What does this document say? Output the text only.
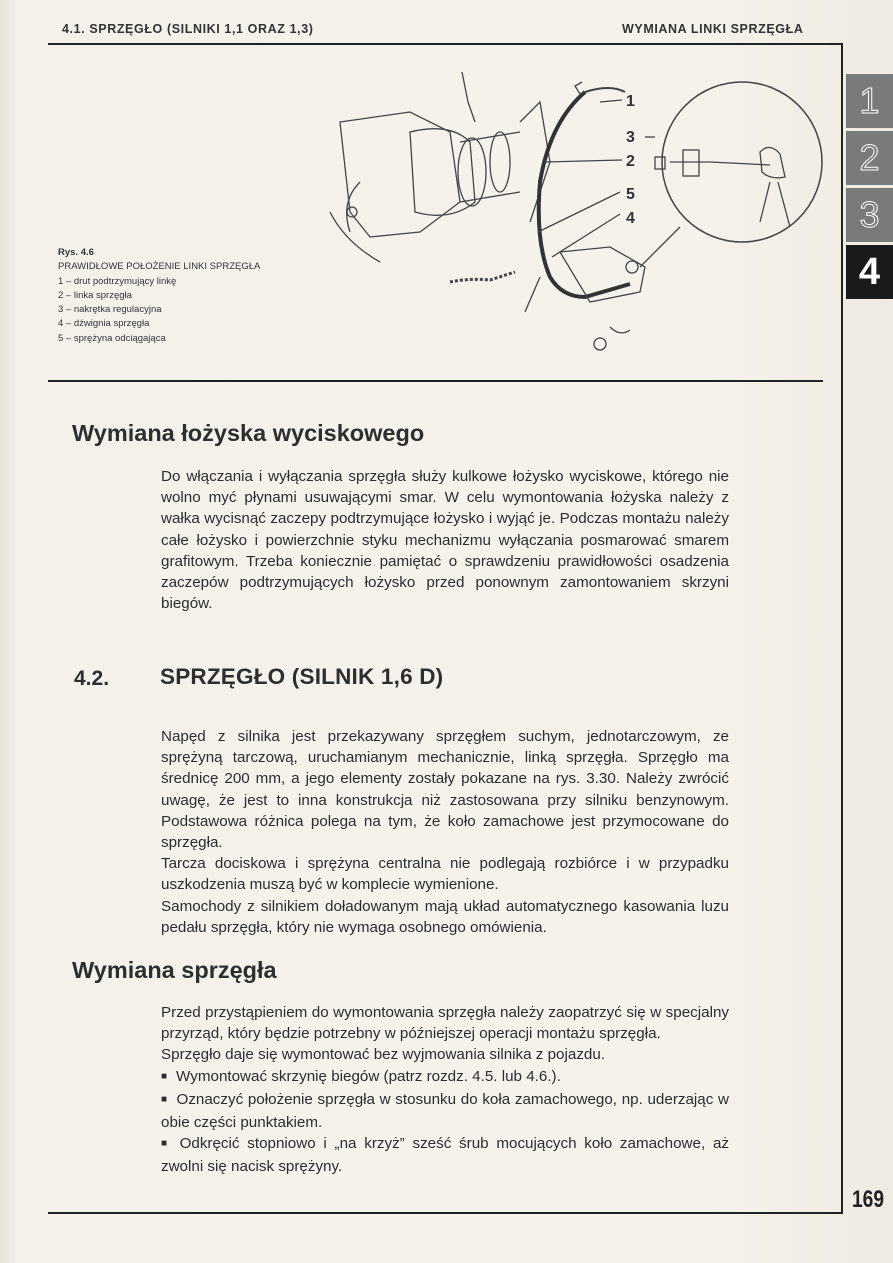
4.1. SPRZĘGŁO (SILNIKI 1,1 ORAZ 1,3)	WYMIANA LINKI SPRZĘGŁA
1
2
3
4
1
3
2
5
4
Rys. 4.6
PRAWIDŁOWE POŁOŻENIE LINKI SPRZĘGŁA
1 – drut podtrzymujący linkę
2 – linka sprzęgła
3 – nakrętka regulacyjna
4 – dźwignia sprzęgła
5 – sprężyna odciągająca
Wymiana łożyska wyciskowego

Do włączania i wyłączania sprzęgła służy kulkowe łożysko wyciskowe, którego nie wolno myć płynami usuwającymi smar. W celu wymontowania łożyska należy z wałka wycisnąć zaczepy podtrzymujące łożysko i wyjąć je. Podczas montażu należy całe łożysko i powierzchnie styku mechanizmu wyłączania posmarować smarem grafitowym. Trzeba koniecznie pamiętać o sprawdzeniu prawidłowości osadzenia zaczepów podtrzymujących łożysko przed ponownym zamontowaniem skrzyni biegów.

4.2. SPRZĘGŁO (SILNIK 1,6 D)

Napęd z silnika jest przekazywany sprzęgłem suchym, jednotarczowym, ze sprężyną tarczową, uruchamianym mechanicznie, linką sprzęgła. Sprzęgło ma średnicę 200 mm, a jego elementy zostały pokazane na rys. 3.30. Należy zwrócić uwagę, że jest to inna konstrukcja niż zastosowana przy silniku benzynowym. Podstawowa różnica polega na tym, że koło zamachowe jest przymocowane do sprzęgła.

Tarcza dociskowa i sprężyna centralna nie podlegają rozbiórce i w przypadku uszkodzenia muszą być w komplecie wymienione.

Samochody z silnikiem doładowanym mają układ automatycznego kasowania luzu pedału sprzęgła, który nie wymaga osobnego omówienia.

Wymiana sprzęgła

Przed przystąpieniem do wymontowania sprzęgła należy zaopatrzyć się w specjalny przyrząd, który będzie potrzebny w późniejszej operacji montażu sprzęgła.

Sprzęgło daje się wymontować bez wyjmowania silnika z pojazdu.

■ Wymontować skrzynię biegów (patrz rozdz. 4.5. lub 4.6.).

■ Oznaczyć położenie sprzęgła w stosunku do koła zamachowego, np. uderzając w obie części punktakiem.

■ Odkręcić stopniowo i „na krzyż” sześć śrub mocujących koło zamachowe, aż zwolni się nacisk sprężyny.

169
